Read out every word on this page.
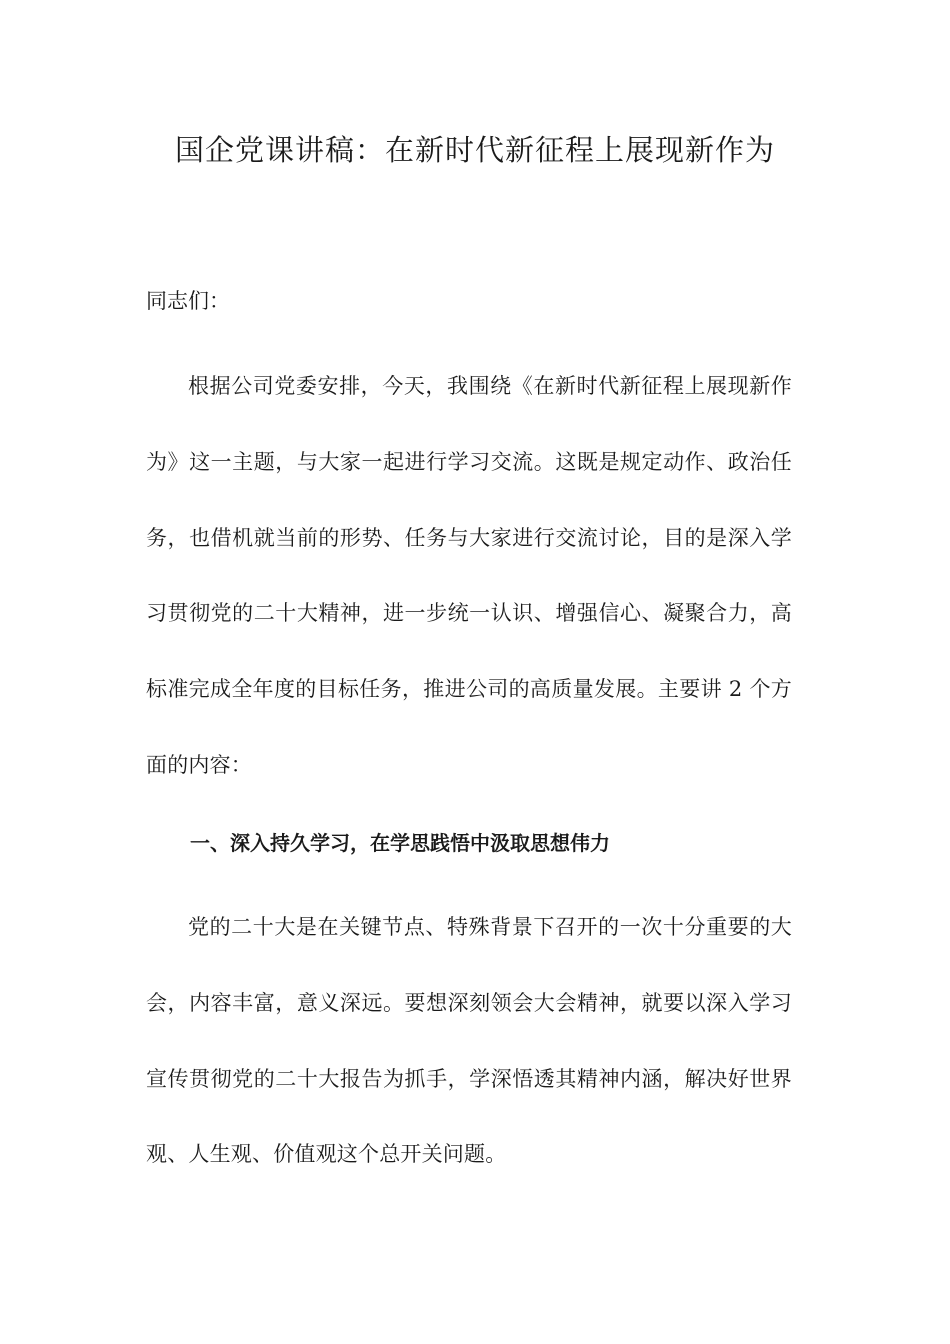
国企党课讲稿：在新时代新征程上展现新作为
同志们：
根据公司党委安排，今天，我围绕《在新时代新征程上展现新作为》这一主题，与大家一起进行学习交流。这既是规定动作、政治任务，也借机就当前的形势、任务与大家进行交流讨论，目的是深入学习贯彻党的二十大精神，进一步统一认识、增强信心、凝聚合力，高标准完成全年度的目标任务，推进公司的高质量发展。主要讲 2 个方面的内容：
一、深入持久学习，在学思践悟中汲取思想伟力
党的二十大是在关键节点、特殊背景下召开的一次十分重要的大会，内容丰富，意义深远。要想深刻领会大会精神，就要以深入学习宣传贯彻党的二十大报告为抓手，学深悟透其精神内涵，解决好世界观、人生观、价值观这个总开关问题。
